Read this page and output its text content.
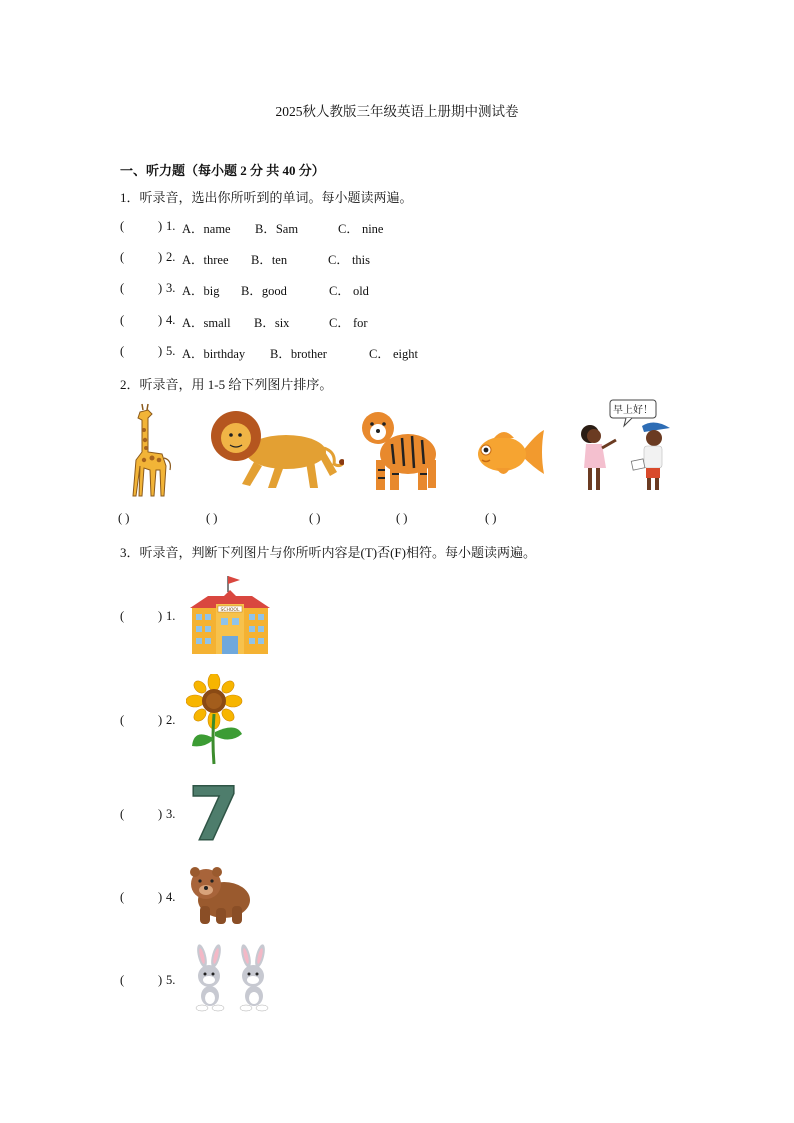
2025秋人教版三年级英语上册期中测试卷
一、听力题（每小题 2 分 共 40 分）
1．听录音，选出你所听到的单词。每小题读两遍。
(	) 1. A．name B．Sam	C． nine
(	) 2. A．three B．ten	C． this
(	) 3. A．big B．good	C． old
(	) 4. A．small B．six	C． for
(	) 5. A．birthday B．brother	C． eight
2．听录音，用 1-5 给下列图片排序。
早上好！
( )	( )	( )	( )	( )
3．听录音，判断下列图片与你所听内容是(T)否(F)相符。每小题读两遍。
(	) 1.	SCHOOL
(	) 2.
(	) 3. 7
(	) 4.
(	) 5.
